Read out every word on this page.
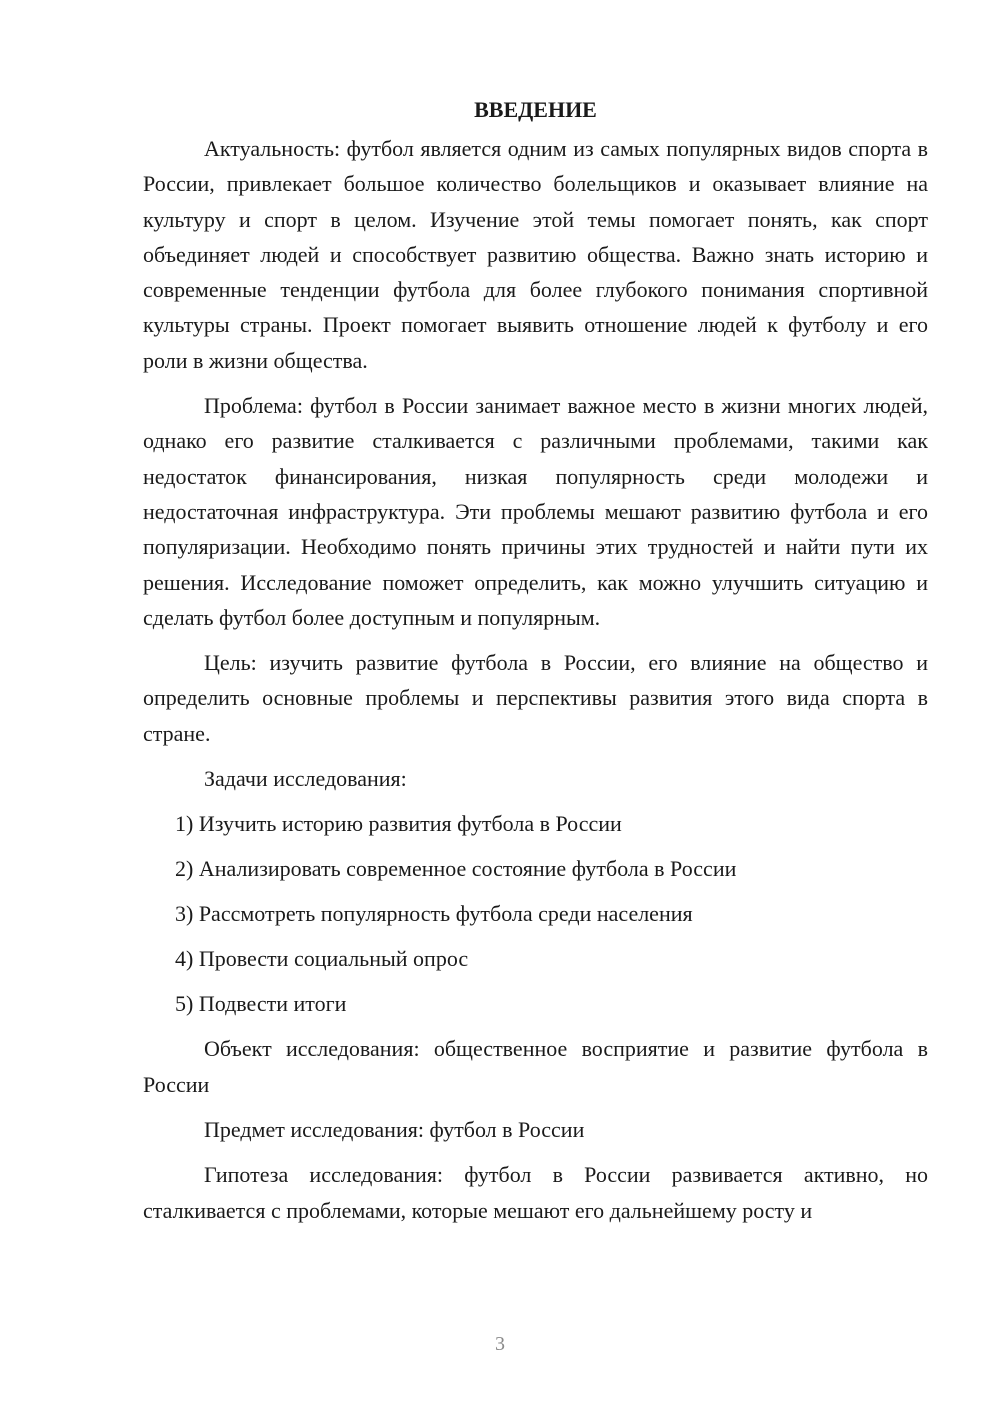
ВВЕДЕНИЕ

Актуальность: футбол является одним из самых популярных видов спорта в России, привлекает большое количество болельщиков и оказывает влияние на культуру и спорт в целом. Изучение этой темы помогает понять, как спорт объединяет людей и способствует развитию общества. Важно знать историю и современные тенденции футбола для более глубокого понимания спортивной культуры страны. Проект помогает выявить отношение людей к футболу и его роли в жизни общества.

Проблема: футбол в России занимает важное место в жизни многих людей, однако его развитие сталкивается с различными проблемами, такими как недостаток финансирования, низкая популярность среди молодежи и недостаточная инфраструктура. Эти проблемы мешают развитию футбола и его популяризации. Необходимо понять причины этих трудностей и найти пути их решения. Исследование поможет определить, как можно улучшить ситуацию и сделать футбол более доступным и популярным.

Цель: изучить развитие футбола в России, его влияние на общество и определить основные проблемы и перспективы развития этого вида спорта в стране.

Задачи исследования:

1) Изучить историю развития футбола в России
2) Анализировать современное состояние футбола в России
3) Рассмотреть популярность футбола среди населения
4) Провести социальный опрос
5) Подвести итоги

Объект исследования: общественное восприятие и развитие футбола в России

Предмет исследования: футбол в России

Гипотеза исследования: футбол в России развивается активно, но сталкивается с проблемами, которые мешают его дальнейшему росту и

3
